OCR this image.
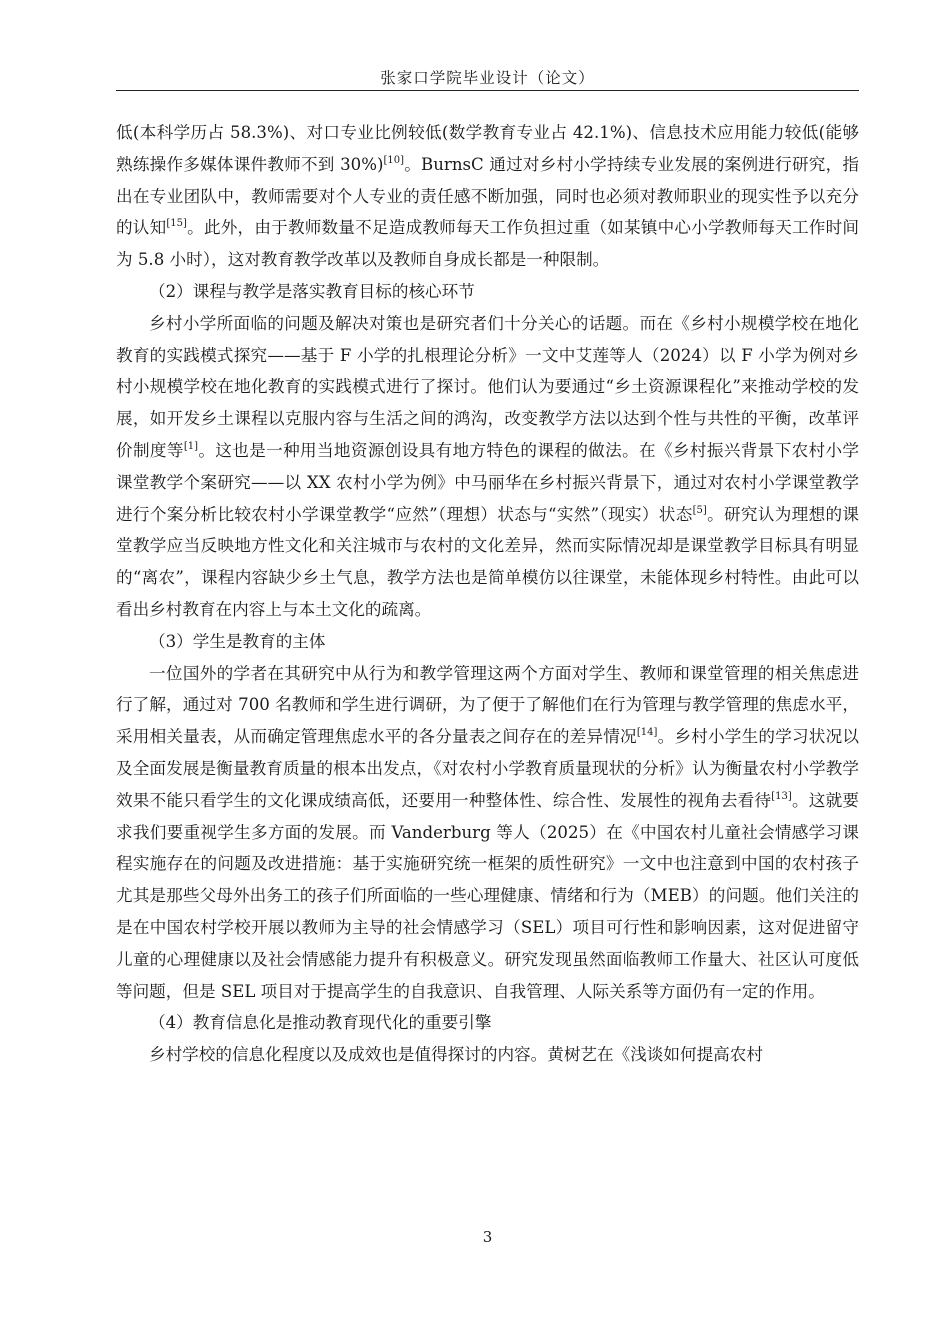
张家口学院毕业设计（论文）

低(本科学历占 58.3%)、对口专业比例较低(数学教育专业占 42.1%)、信息技术应用能力较低(能够熟练操作多媒体课件教师不到 30%)[10]。BurnsC 通过对乡村小学持续专业发展的案例进行研究，指出在专业团队中，教师需要对个人专业的责任感不断加强，同时也必须对教师职业的现实性予以充分的认知[15]。此外，由于教师数量不足造成教师每天工作负担过重（如某镇中心小学教师每天工作时间为 5.8 小时），这对教育教学改革以及教师自身成长都是一种限制。

（2）课程与教学是落实教育目标的核心环节

乡村小学所面临的问题及解决对策也是研究者们十分关心的话题。而在《乡村小规模学校在地化教育的实践模式探究——基于 F 小学的扎根理论分析》一文中艾莲等人（2024）以 F 小学为例对乡村小规模学校在地化教育的实践模式进行了探讨。他们认为要通过“乡土资源课程化”来推动学校的发展，如开发乡土课程以克服内容与生活之间的鸿沟，改变教学方法以达到个性与共性的平衡，改革评价制度等[1]。这也是一种用当地资源创设具有地方特色的课程的做法。在《乡村振兴背景下农村小学课堂教学个案研究——以 XX 农村小学为例》中马丽华在乡村振兴背景下，通过对农村小学课堂教学进行个案分析比较农村小学课堂教学“应然”（理想）状态与“实然”（现实）状态[5]。研究认为理想的课堂教学应当反映地方性文化和关注城市与农村的文化差异，然而实际情况却是课堂教学目标具有明显的“离农”，课程内容缺少乡土气息，教学方法也是简单模仿以往课堂，未能体现乡村特性。由此可以看出乡村教育在内容上与本土文化的疏离。

（3）学生是教育的主体

一位国外的学者在其研究中从行为和教学管理这两个方面对学生、教师和课堂管理的相关焦虑进行了解，通过对 700 名教师和学生进行调研，为了便于了解他们在行为管理与教学管理的焦虑水平，采用相关量表，从而确定管理焦虑水平的各分量表之间存在的差异情况[14]。乡村小学生的学习状况以及全面发展是衡量教育质量的根本出发点，《对农村小学教育质量现状的分析》认为衡量农村小学教学效果不能只看学生的文化课成绩高低，还要用一种整体性、综合性、发展性的视角去看待[13]。这就要求我们要重视学生多方面的发展。而 Vanderburg 等人（2025）在《中国农村儿童社会情感学习课程实施存在的问题及改进措施：基于实施研究统一框架的质性研究》一文中也注意到中国的农村孩子尤其是那些父母外出务工的孩子们所面临的一些心理健康、情绪和行为（MEB）的问题。他们关注的是在中国农村学校开展以教师为主导的社会情感学习（SEL）项目可行性和影响因素，这对促进留守儿童的心理健康以及社会情感能力提升有积极意义。研究发现虽然面临教师工作量大、社区认可度低等问题，但是 SEL 项目对于提高学生的自我意识、自我管理、人际关系等方面仍有一定的作用。

（4）教育信息化是推动教育现代化的重要引擎

乡村学校的信息化程度以及成效也是值得探讨的内容。黄树艺在《浅谈如何提高农村

3
